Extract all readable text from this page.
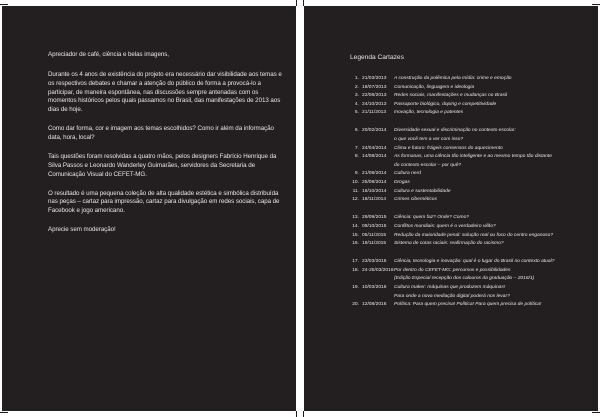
Apreciador de café, ciência e belas imagens,

Durante os 4 anos de existência do projeto era necessário dar visibilidade aos temas e os respectivos debates e chamar a atenção do público de forma a provocá-lo a participar, de maneira espontânea, nas discussões sempre antenadas com os momentos históricos pelos quais passamos no Brasil, das manifestações de 2013 aos dias de hoje.

Como dar forma, cor e imagem aos temas escolhidos? Como ir além da informação data, hora, local?

Tais questões foram resolvidas a quatro mãos, pelos designers Fabrício Henrique da Silva Passos e Leonardo Wanderley Guimarães, servidores da Secretaria de Comunicação Visual do CEFET-MG.

O resultado é uma pequena coleção de alta qualidade estética e simbólica distribuída nas peças – cartaz para impressão, cartaz para divulgação em redes sociais, capa de Facebook e jogo americano.

Aprecie sem moderação!

Legenda Cartazes
1. 21/03/2013	A construção da polêmica pela mídia: crime e emoção
2. 18/07/2013	Comunicação, linguagem e ideologia
3. 22/08/2013	Redes sociais, manifestações e mudanças no Brasil
4. 24/10/2013	Passaporte biológico, doping e competitividade
5. 21/11/2013	Inovação, tecnologia e patentes
6. 20/02/2014	Diversidade sexual e discriminação no contexto escolar:
o que você tem a ver com isso?
7. 24/04/2014	Clima e futuro: frágeis consensos do aquecimento
8. 14/08/2014	As formanas, uma ciência tão inteligente e ao mesmo tempo tão distante
do contexto escolar – por quê?
9. 21/08/2014	Cultura nerd
10. 25/09/2014	Drogas
11. 16/10/2014	Cultura e sustentabilidade
12. 18/11/2014	Crimes cibernéticos
13. 29/09/2015	Ciência: quem faz? Onde? Como?
14. 08/10/2015	Conflitos mundiais: quem é o verdadeiro vilão?
15. 05/11/2015	Redução da maioridade penal: solução real ou foco do centro enganoso?
16. 19/11/2015	Sistema de cotas raciais: reafirmação do racismo?
17. 23/03/2016	Ciência, tecnologia e inovação: qual é o lugar do Brasil no contexto atual?
18. 24-25/03/2016 Por dentro do CEFET-MG: percursos e possibilidades
(Edição Especial recepção dos calouros da graduação – 2016/1)
19. 10/03/2016	Cultura maker: máquinas que produzem máquinas!
Para onde a nova mediação digital poderá nos levar?
20. 12/08/2016	Política: Para quem precisa! Política! Para quem precisa de política!
